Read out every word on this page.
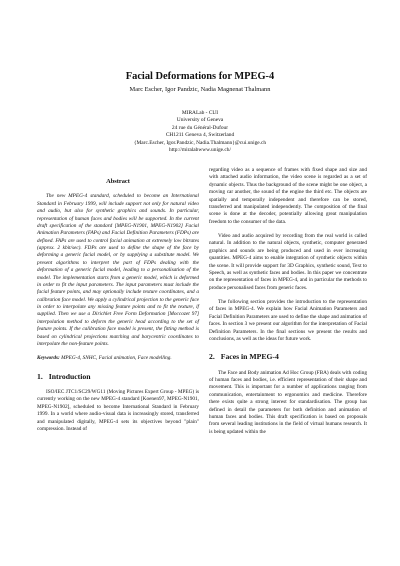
Facial Deformations for MPEG-4
Marc Escher, Igor Pandzic, Nadia Magnenat Thalmann
MIRALab - CUI
University of Geneva
24 rue du Général-Dufour
CH1211 Geneva 4, Switzerland
{Marc.Escher, Igor.Pandzic, Nadia.Thalmann}@cui.unige.ch
http://miralabwww.unige.ch/
Abstract
The new MPEG-4 standard, scheduled to become an International Standard in February 1999, will include support not only for natural video and audio, but also for synthetic graphics and sounds. In particular, representation of human faces and bodies will be supported. In the current draft specification of the standard [MPEG-N1901, MPEG-N1902] Facial Animation Parameters (FAPs) and Facial Definition Parameters (FDPs) are defined. FAPs are used to control facial animation at extremely low bitrates (approx. 2 kbit/sec). FDPs are used to define the shape of the face by deforming a generic facial model, or by supplying a substitute model. We present algorithms to interpret the part of FDPs dealing with the deformation of a generic facial model, leading to a personalisation of the model. The implementation starts from a generic model, which is deformed in order to fit the input parameters. The input parameters must include the facial feature points, and may optionally include texture coordinates, and a calibration face model. We apply a cylindrical projection to the generic face in order to interpolate any missing feature points and to fit the texture, if supplied. Then we use a Dirichlet Free Form Deformation [Moccozet 97] interpolation method to deform the generic head according to the set of feature points. If the calibration face model is present, the fitting method is based on cylindrical projections matching and barycentric coordinates to interpolate the non-feature points.
Keywords: MPEG-4, SNHC, Facial animation, Face modelling.
1. Introduction
ISO/IEC JTC1/SC29/WG11 (Moving Pictures Expert Group - MPEG) is currently working on the new MPEG-4 standard [Koenen97, MPEG-N1901, MPEG-N1902], scheduled to become International Standard in February 1999. In a world where audio-visual data is increasingly stored, transferred and manipulated digitally, MPEG-4 sets its objectives beyond "plain" compression. Instead of
regarding video as a sequence of frames with fixed shape and size and with attached audio information, the video scene is regarded as a set of dynamic objects. Thus the background of the scene might be one object, a moving car another, the sound of the engine the third etc. The objects are spatially and temporally independent and therefore can be stored, transferred and manipulated independently. The composition of the final scene is done at the decoder, potentially allowing great manipulation freedom to the consumer of the data.
Video and audio acquired by recording from the real world is called natural. In addition to the natural objects, synthetic, computer generated graphics and sounds are being produced and used in ever increasing quantities. MPEG-4 aims to enable integration of synthetic objects within the scene. It will provide support for 3D Graphics, synthetic sound, Text to Speech, as well as synthetic faces and bodies. In this paper we concentrate on the representation of faces in MPEG-4, and in particular the methods to produce personalised faces from generic faces.
The following section provides the introduction to the representation of faces in MPEG-4. We explain how Facial Animation Parameters and Facial Definition Parameters are used to define the shape and animation of faces. In section 3 we present our algorithm for the interpretation of Facial Definition Parameters. In the final sections we present the results and conclusions, as well as the ideas for future work.
2. Faces in MPEG-4
The Face and Body animation Ad Hoc Group (FBA) deals with coding of human faces and bodies, i.e. efficient representation of their shape and movement. This is important for a number of applications ranging from communication, entertainment to ergonomics and medicine. Therefore there exists quite a strong interest for standardisation. The group has defined in detail the parameters for both definition and animation of human faces and bodies. This draft specification is based on proposals from several leading institutions in the field of virtual humans research. It is being updated within the
